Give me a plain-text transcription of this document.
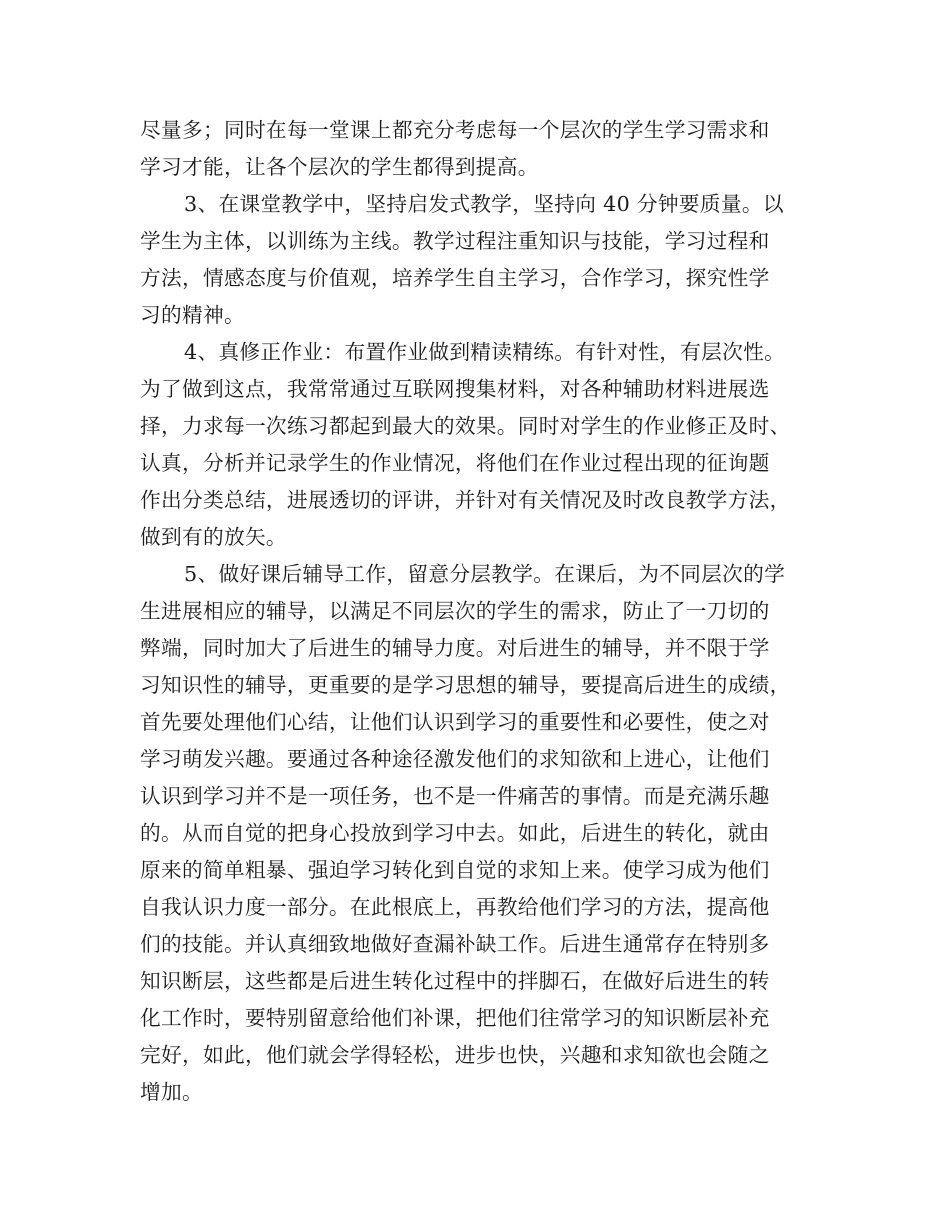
尽量多；同时在每一堂课上都充分考虑每一个层次的学生学习需求和
学习才能，让各个层次的学生都得到提高。
3、在课堂教学中，坚持启发式教学，坚持向 40 分钟要质量。以
学生为主体，以训练为主线。教学过程注重知识与技能，学习过程和
方法，情感态度与价值观，培养学生自主学习，合作学习，探究性学
习的精神。
4、真修正作业：布置作业做到精读精练。有针对性，有层次性。
为了做到这点，我常常通过互联网搜集材料，对各种辅助材料进展选
择，力求每一次练习都起到最大的效果。同时对学生的作业修正及时、
认真，分析并记录学生的作业情况，将他们在作业过程出现的征询题
作出分类总结，进展透切的评讲，并针对有关情况及时改良教学方法，
做到有的放矢。
5、做好课后辅导工作，留意分层教学。在课后，为不同层次的学
生进展相应的辅导，以满足不同层次的学生的需求，防止了一刀切的
弊端，同时加大了后进生的辅导力度。对后进生的辅导，并不限于学
习知识性的辅导，更重要的是学习思想的辅导，要提高后进生的成绩，
首先要处理他们心结，让他们认识到学习的重要性和必要性，使之对
学习萌发兴趣。要通过各种途径激发他们的求知欲和上进心，让他们
认识到学习并不是一项任务，也不是一件痛苦的事情。而是充满乐趣
的。从而自觉的把身心投放到学习中去。如此，后进生的转化，就由
原来的简单粗暴、强迫学习转化到自觉的求知上来。使学习成为他们
自我认识力度一部分。在此根底上，再教给他们学习的方法，提高他
们的技能。并认真细致地做好查漏补缺工作。后进生通常存在特别多
知识断层，这些都是后进生转化过程中的拌脚石，在做好后进生的转
化工作时，要特别留意给他们补课，把他们往常学习的知识断层补充
完好，如此，他们就会学得轻松，进步也快，兴趣和求知欲也会随之
增加。
